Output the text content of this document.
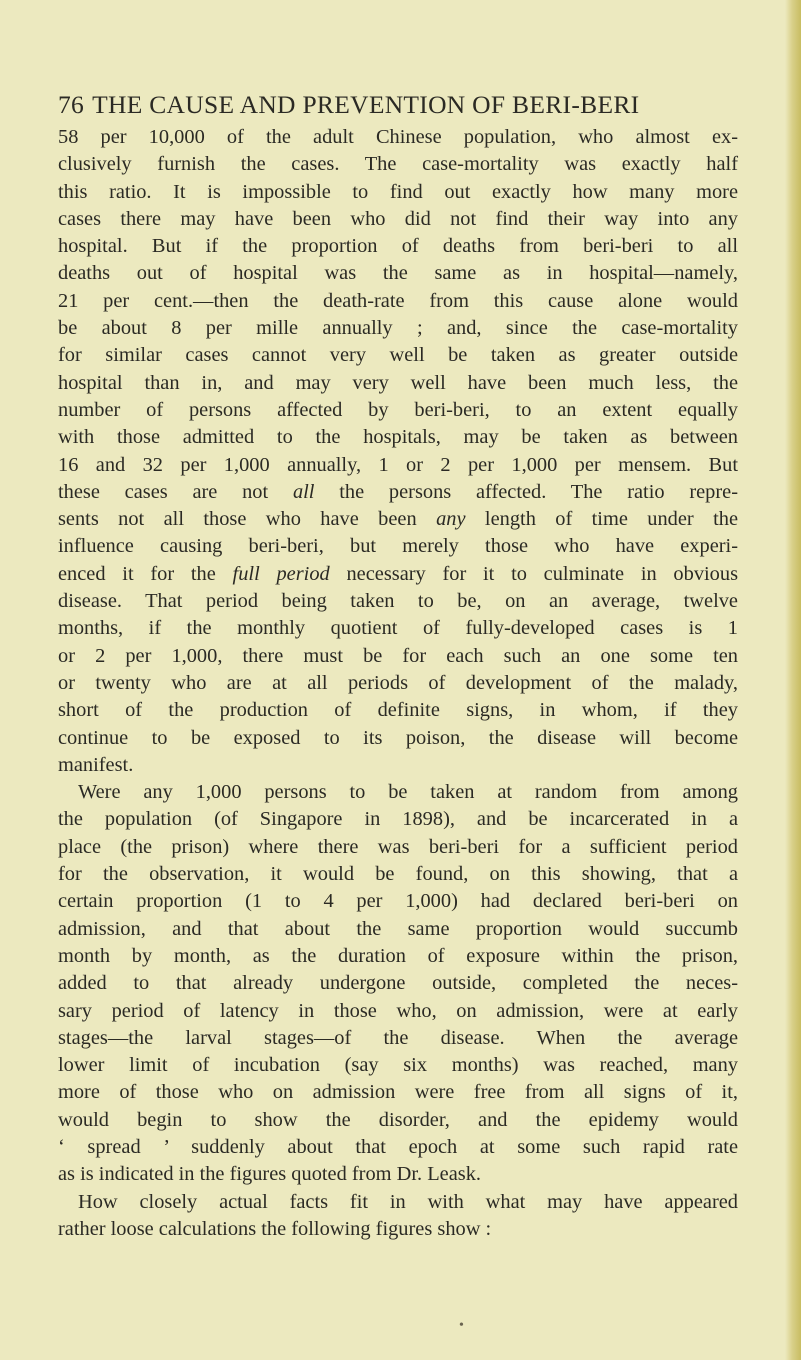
76 THE CAUSE AND PREVENTION OF BERI-BERI
58 per 10,000 of the adult Chinese population, who almost ex-
clusively furnish the cases. The case-mortality was exactly half
this ratio. It is impossible to find out exactly how many more
cases there may have been who did not find their way into any
hospital. But if the proportion of deaths from beri-beri to all
deaths out of hospital was the same as in hospital—namely,
21 per cent.—then the death-rate from this cause alone would
be about 8 per mille annually ; and, since the case-mortality
for similar cases cannot very well be taken as greater outside
hospital than in, and may very well have been much less, the
number of persons affected by beri-beri, to an extent equally
with those admitted to the hospitals, may be taken as between
16 and 32 per 1,000 annually, 1 or 2 per 1,000 per mensem. But
these cases are not all the persons affected. The ratio repre-
sents not all those who have been any length of time under the
influence causing beri-beri, but merely those who have experi-
enced it for the full period necessary for it to culminate in obvious
disease. That period being taken to be, on an average, twelve
months, if the monthly quotient of fully-developed cases is 1
or 2 per 1,000, there must be for each such an one some ten
or twenty who are at all periods of development of the malady,
short of the production of definite signs, in whom, if they
continue to be exposed to its poison, the disease will become
manifest.
Were any 1,000 persons to be taken at random from among
the population (of Singapore in 1898), and be incarcerated in a
place (the prison) where there was beri-beri for a sufficient period
for the observation, it would be found, on this showing, that a
certain proportion (1 to 4 per 1,000) had declared beri-beri on
admission, and that about the same proportion would succumb
month by month, as the duration of exposure within the prison,
added to that already undergone outside, completed the neces-
sary period of latency in those who, on admission, were at early
stages—the larval stages—of the disease. When the average
lower limit of incubation (say six months) was reached, many
more of those who on admission were free from all signs of it,
would begin to show the disorder, and the epidemy would
‘ spread ’ suddenly about that epoch at some such rapid rate
as is indicated in the figures quoted from Dr. Leask.
How closely actual facts fit in with what may have appeared
rather loose calculations the following figures show :
•
